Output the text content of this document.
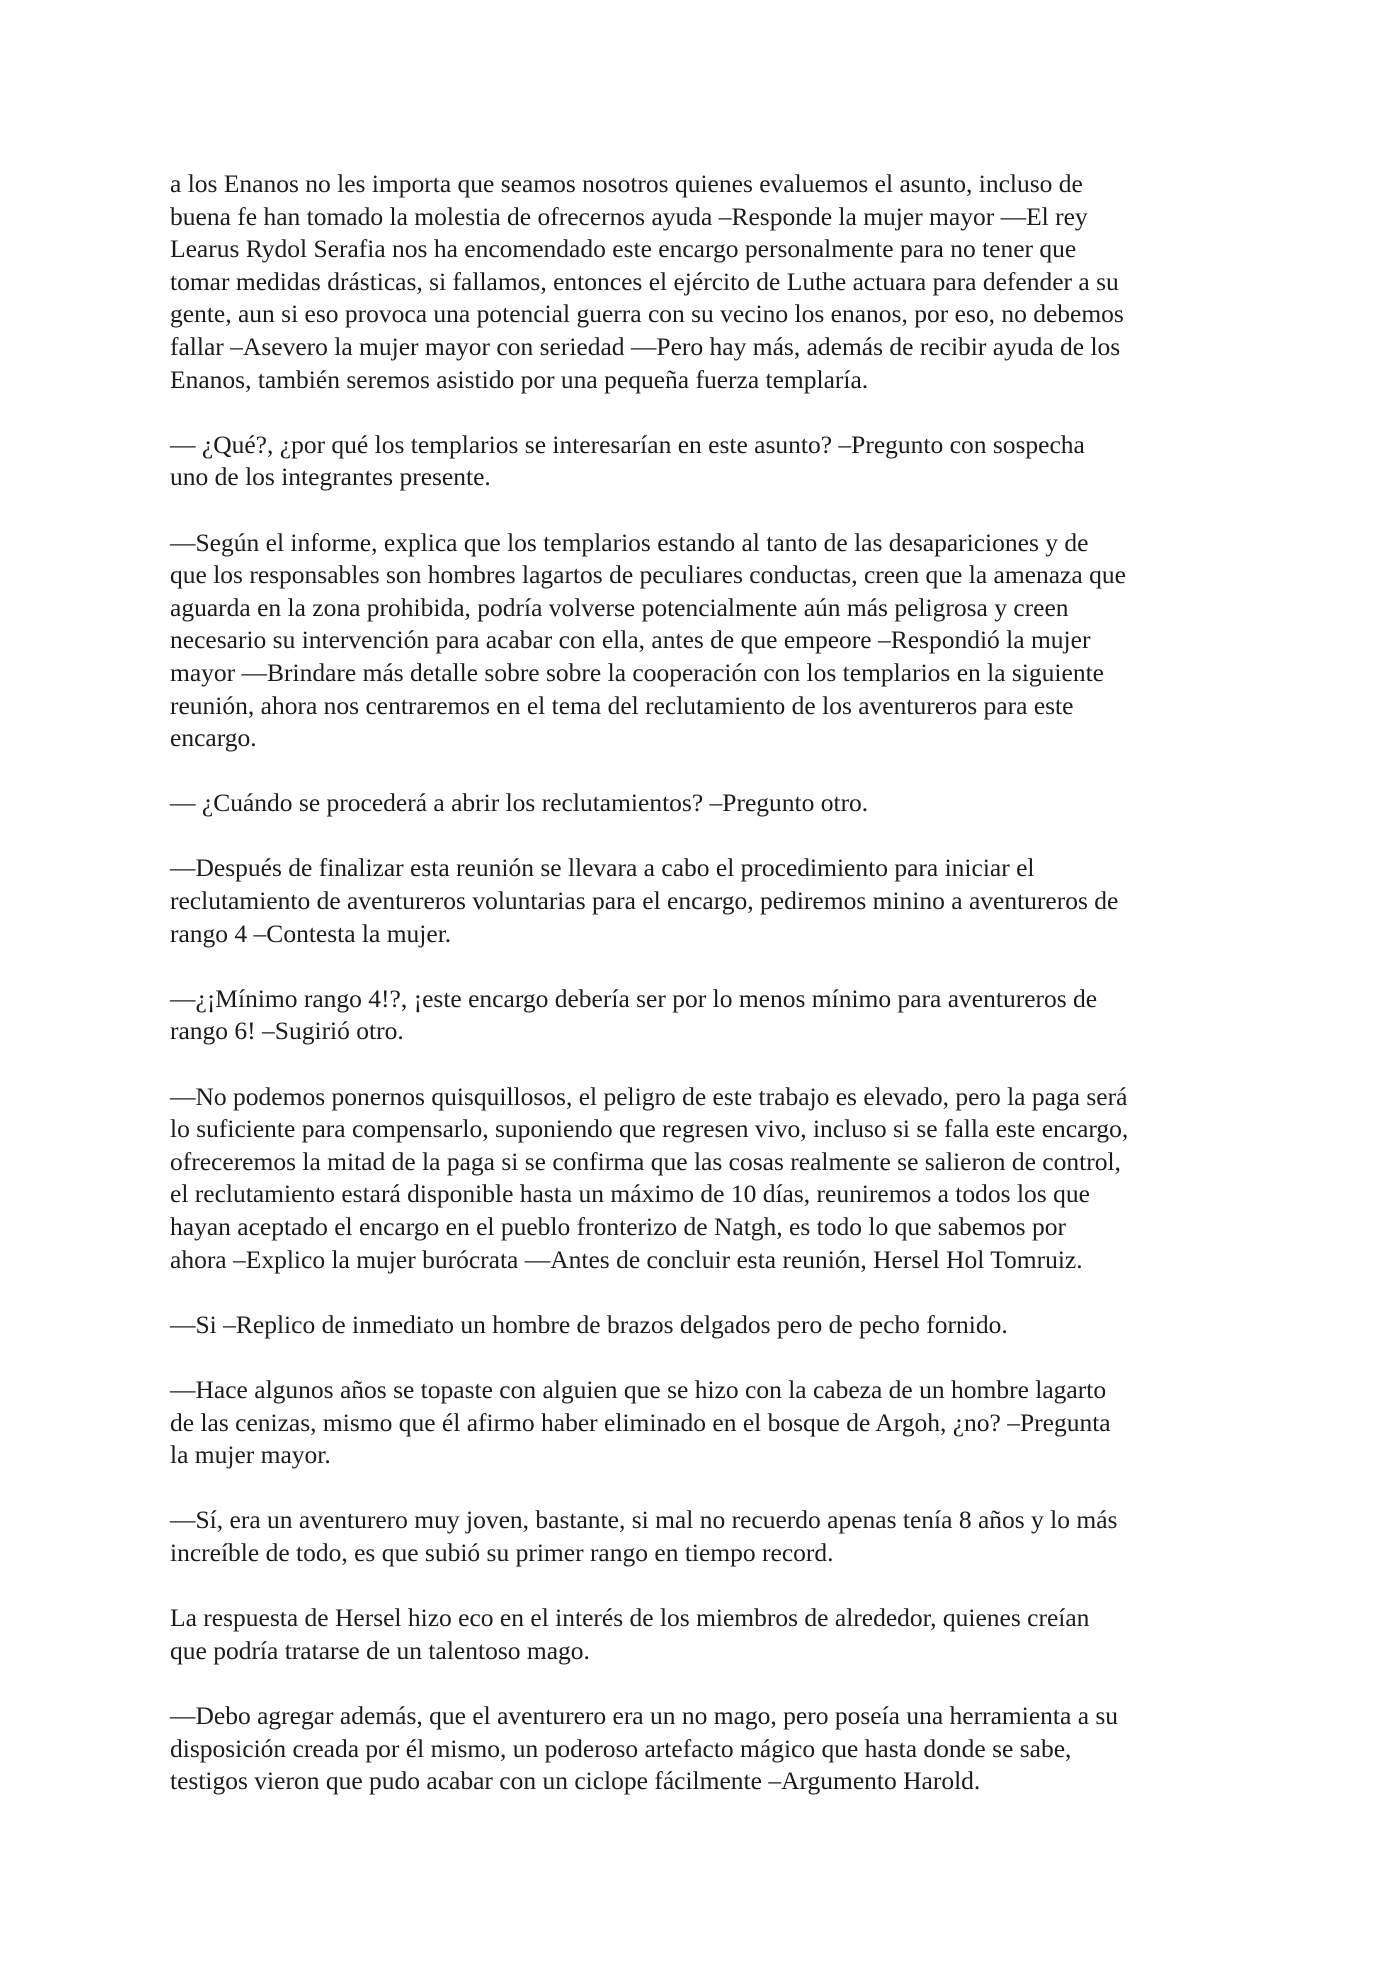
a los Enanos no les importa que seamos nosotros quienes evaluemos el asunto, incluso de
buena fe han tomado la molestia de ofrecernos ayuda –Responde la mujer mayor —El rey
Learus Rydol Serafia nos ha encomendado este encargo personalmente para no tener que
tomar medidas drásticas, si fallamos, entonces el ejército de Luthe actuara para defender a su
gente, aun si eso provoca una potencial guerra con su vecino los enanos, por eso, no debemos
fallar –Asevero la mujer mayor con seriedad —Pero hay más, además de recibir ayuda de los
Enanos, también seremos asistido por una pequeña fuerza templaría.

— ¿Qué?, ¿por qué los templarios se interesarían en este asunto? –Pregunto con sospecha
uno de los integrantes presente.

—Según el informe, explica que los templarios estando al tanto de las desapariciones y de
que los responsables son hombres lagartos de peculiares conductas, creen que la amenaza que
aguarda en la zona prohibida, podría volverse potencialmente aún más peligrosa y creen
necesario su intervención para acabar con ella, antes de que empeore –Respondió la mujer
mayor —Brindare más detalle sobre sobre la cooperación con los templarios en la siguiente
reunión, ahora nos centraremos en el tema del reclutamiento de los aventureros para este
encargo.

— ¿Cuándo se procederá a abrir los reclutamientos? –Pregunto otro.

—Después de finalizar esta reunión se llevara a cabo el procedimiento para iniciar el
reclutamiento de aventureros voluntarias para el encargo, pediremos minino a aventureros de
rango 4 –Contesta la mujer.

—¿¡Mínimo rango 4!?, ¡este encargo debería ser por lo menos mínimo para aventureros de
rango 6! –Sugirió otro.

—No podemos ponernos quisquillosos, el peligro de este trabajo es elevado, pero la paga será
lo suficiente para compensarlo, suponiendo que regresen vivo, incluso si se falla este encargo,
ofreceremos la mitad de la paga si se confirma que las cosas realmente se salieron de control,
el reclutamiento estará disponible hasta un máximo de 10 días, reuniremos a todos los que
hayan aceptado el encargo en el pueblo fronterizo de Natgh, es todo lo que sabemos por
ahora –Explico la mujer burócrata —Antes de concluir esta reunión, Hersel Hol Tomruiz.

—Si –Replico de inmediato un hombre de brazos delgados pero de pecho fornido.

—Hace algunos años se topaste con alguien que se hizo con la cabeza de un hombre lagarto
de las cenizas, mismo que él afirmo haber eliminado en el bosque de Argoh, ¿no? –Pregunta
la mujer mayor.

—Sí, era un aventurero muy joven, bastante, si mal no recuerdo apenas tenía 8 años y lo más
increíble de todo, es que subió su primer rango en tiempo record.

La respuesta de Hersel hizo eco en el interés de los miembros de alrededor, quienes creían
que podría tratarse de un talentoso mago.

—Debo agregar además, que el aventurero era un no mago, pero poseía una herramienta a su
disposición creada por él mismo, un poderoso artefacto mágico que hasta donde se sabe,
testigos vieron que pudo acabar con un ciclope fácilmente –Argumento Harold.
